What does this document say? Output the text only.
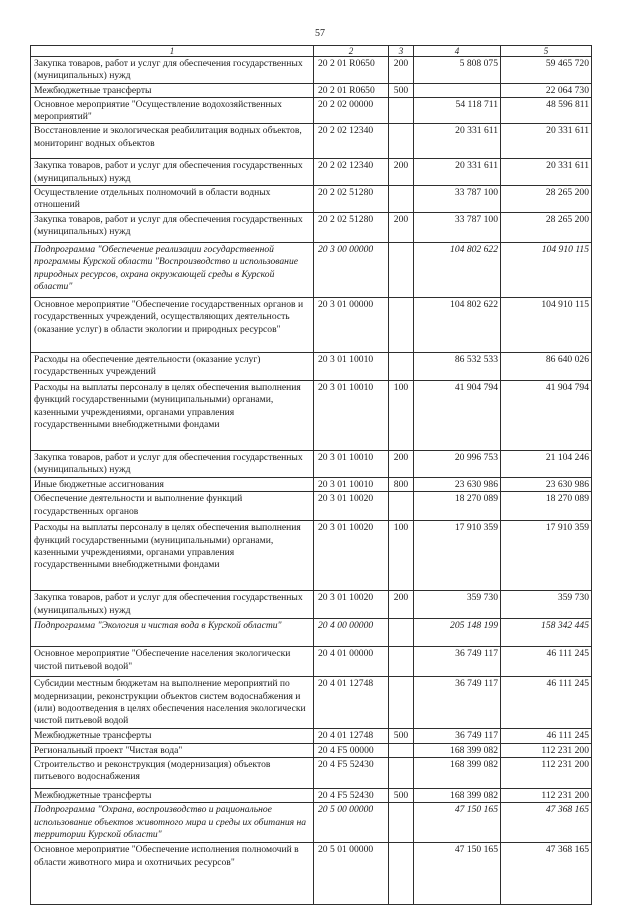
57
1	2	3	4	5
Закупка товаров, работ и услуг для обеспечения государственных (муниципальных) нужд	20 2 01 R0650	200	5 808 075	59 465 720
Межбюджетные трансферты	20 2 01 R0650	500		22 064 730
Основное мероприятие "Осуществление водохозяйственных мероприятий"	20 2 02 00000		54 118 711	48 596 811
Восстановление и экологическая реабилитация водных объектов, мониторинг водных объектов	20 2 02 12340		20 331 611	20 331 611
Закупка товаров, работ и услуг для обеспечения государственных (муниципальных) нужд	20 2 02 12340	200	20 331 611	20 331 611
Осуществление отдельных полномочий в области водных отношений	20 2 02 51280		33 787 100	28 265 200
Закупка товаров, работ и услуг для обеспечения государственных (муниципальных) нужд	20 2 02 51280	200	33 787 100	28 265 200
Подпрограмма "Обеспечение реализации государственной программы Курской области "Воспроизводство и использование природных ресурсов, охрана окружающей среды в Курской области"	20 3 00 00000		104 802 622	104 910 115
Основное мероприятие "Обеспечение государственных органов и государственных учреждений, осуществляющих деятельность (оказание услуг) в области экологии и природных ресурсов"	20 3 01 00000		104 802 622	104 910 115
Расходы на обеспечение деятельности (оказание услуг) государственных учреждений	20 3 01 10010		86 532 533	86 640 026
Расходы на выплаты персоналу в целях обеспечения выполнения функций государственными (муниципальными) органами, казенными учреждениями, органами управления государственными внебюджетными фондами	20 3 01 10010	100	41 904 794	41 904 794
Закупка товаров, работ и услуг для обеспечения государственных (муниципальных) нужд	20 3 01 10010	200	20 996 753	21 104 246
Иные бюджетные ассигнования	20 3 01 10010	800	23 630 986	23 630 986
Обеспечение деятельности и выполнение функций государственных органов	20 3 01 10020		18 270 089	18 270 089
Расходы на выплаты персоналу в целях обеспечения выполнения функций государственными (муниципальными) органами, казенными учреждениями, органами управления государственными внебюджетными фондами	20 3 01 10020	100	17 910 359	17 910 359
Закупка товаров, работ и услуг для обеспечения государственных (муниципальных) нужд	20 3 01 10020	200	359 730	359 730
Подпрограмма "Экология и чистая вода в Курской области"	20 4 00 00000		205 148 199	158 342 445
Основное мероприятие "Обеспечение населения экологически чистой питьевой водой"	20 4 01 00000		36 749 117	46 111 245
Субсидии местным бюджетам на выполнение мероприятий по модернизации, реконструкции объектов систем водоснабжения и (или) водоотведения в целях обеспечения населения экологически чистой питьевой водой	20 4 01 12748		36 749 117	46 111 245
Межбюджетные трансферты	20 4 01 12748	500	36 749 117	46 111 245
Региональный проект "Чистая вода"	20 4 F5 00000		168 399 082	112 231 200
Строительство и реконструкция (модернизация) объектов питьевого водоснабжения	20 4 F5 52430		168 399 082	112 231 200
Межбюджетные трансферты	20 4 F5 52430	500	168 399 082	112 231 200
Подпрограмма "Охрана, воспроизводство и рациональное использование объектов животного мира и среды их обитания на территории Курской области"	20 5 00 00000		47 150 165	47 368 165
Основное мероприятие "Обеспечение исполнения полномочий в области животного мира и охотничьих ресурсов"	20 5 01 00000		47 150 165	47 368 165
